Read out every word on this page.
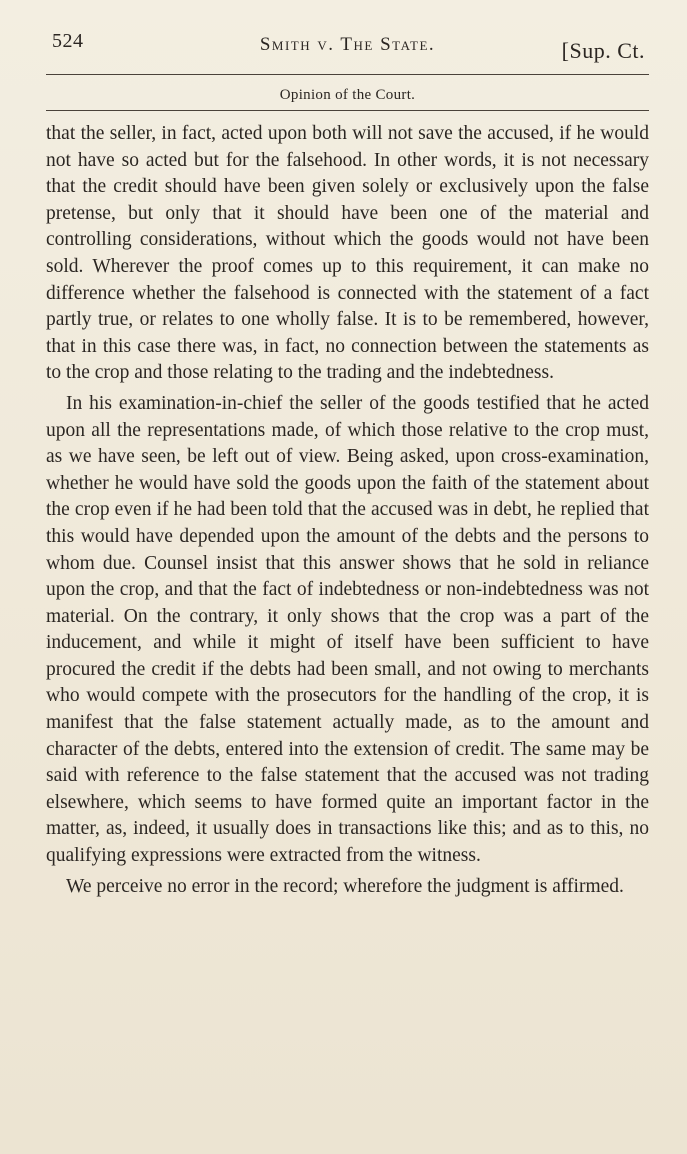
524	Smith v. The State.	[Sup. Ct.
Opinion of the Court.

that the seller, in fact, acted upon both will not save the accused, if he would not have so acted but for the falsehood. In other words, it is not necessary that the credit should have been given solely or exclusively upon the false pretense, but only that it should have been one of the material and controlling considerations, without which the goods would not have been sold. Wherever the proof comes up to this requirement, it can make no difference whether the falsehood is connected with the statement of a fact partly true, or relates to one wholly false. It is to be remembered, however, that in this case there was, in fact, no connection between the statements as to the crop and those relating to the trading and the indebtedness.

In his examination-in-chief the seller of the goods testified that he acted upon all the representations made, of which those relative to the crop must, as we have seen, be left out of view. Being asked, upon cross-examination, whether he would have sold the goods upon the faith of the statement about the crop even if he had been told that the accused was in debt, he replied that this would have depended upon the amount of the debts and the persons to whom due. Counsel insist that this answer shows that he sold in reliance upon the crop, and that the fact of indebtedness or non-indebtedness was not material. On the contrary, it only shows that the crop was a part of the inducement, and while it might of itself have been sufficient to have procured the credit if the debts had been small, and not owing to merchants who would compete with the prosecutors for the handling of the crop, it is manifest that the false statement actually made, as to the amount and character of the debts, entered into the extension of credit. The same may be said with reference to the false statement that the accused was not trading elsewhere, which seems to have formed quite an important factor in the matter, as, indeed, it usually does in transactions like this; and as to this, no qualifying expressions were extracted from the witness.

We perceive no error in the record; wherefore the judgment is affirmed.
